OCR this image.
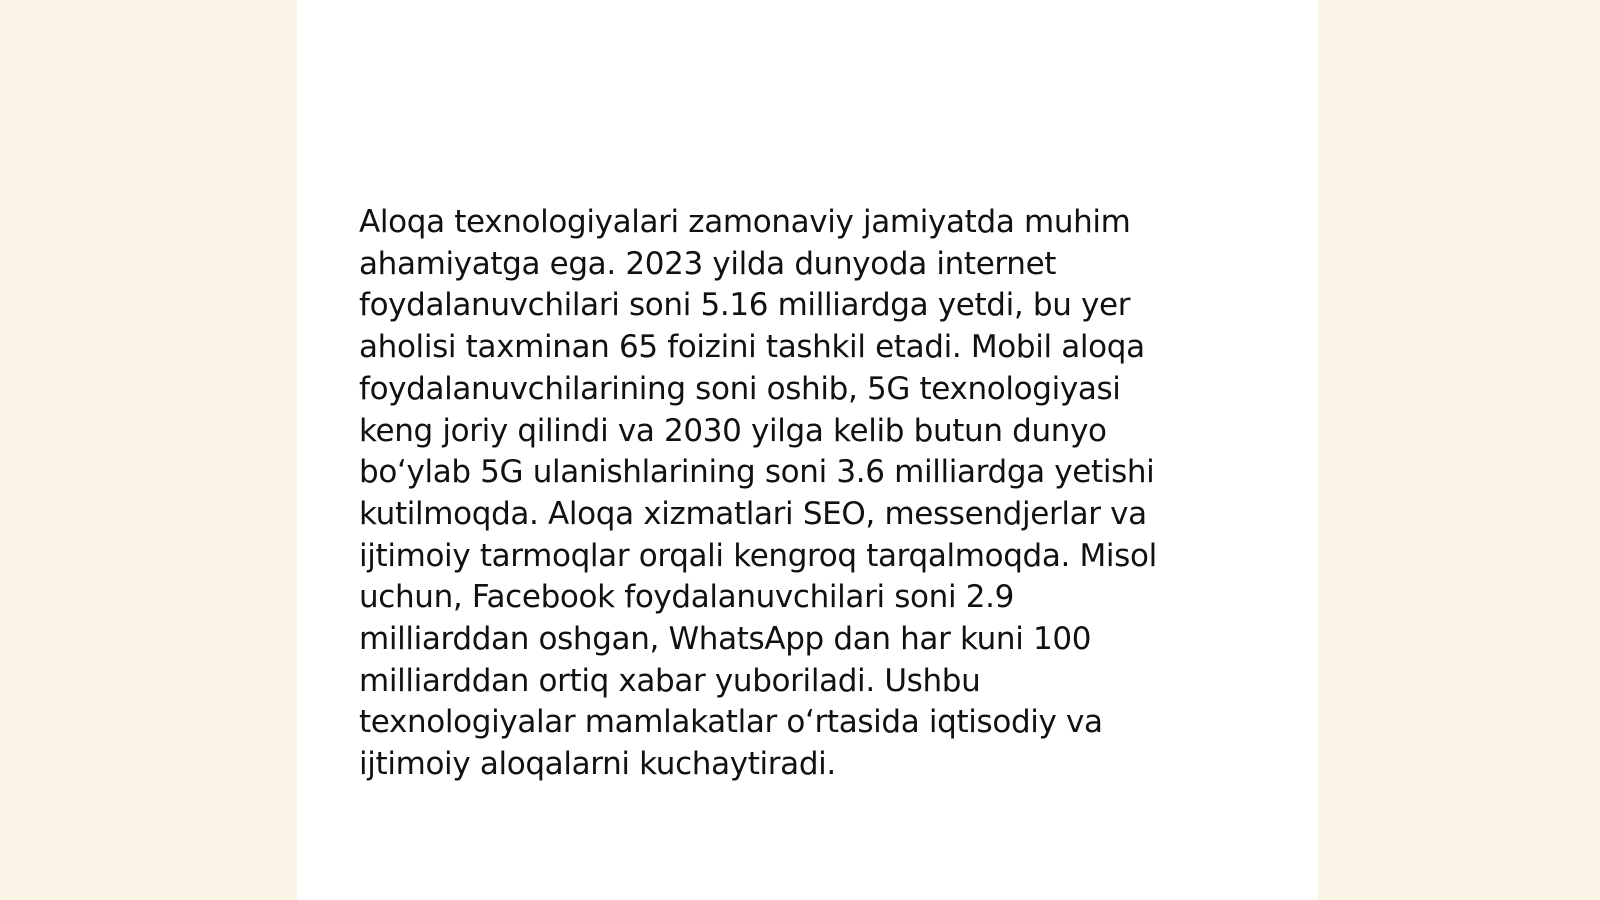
Aloqa texnologiyalari zamonaviy jamiyatda muhim
ahamiyatga ega. 2023 yilda dunyoda internet
foydalanuvchilari soni 5.16 milliardga yetdi, bu yer
aholisi taxminan 65 foizini tashkil etadi. Mobil aloqa
foydalanuvchilarining soni oshib, 5G texnologiyasi
keng joriy qilindi va 2030 yilga kelib butun dunyo
bo‘ylab 5G ulanishlarining soni 3.6 milliardga yetishi
kutilmoqda. Aloqa xizmatlari SEO, messendjerlar va
ijtimoiy tarmoqlar orqali kengroq tarqalmoqda. Misol
uchun, Facebook foydalanuvchilari soni 2.9
milliarddan oshgan, WhatsApp dan har kuni 100
milliarddan ortiq xabar yuboriladi. Ushbu
texnologiyalar mamlakatlar o‘rtasida iqtisodiy va
ijtimoiy aloqalarni kuchaytiradi.
